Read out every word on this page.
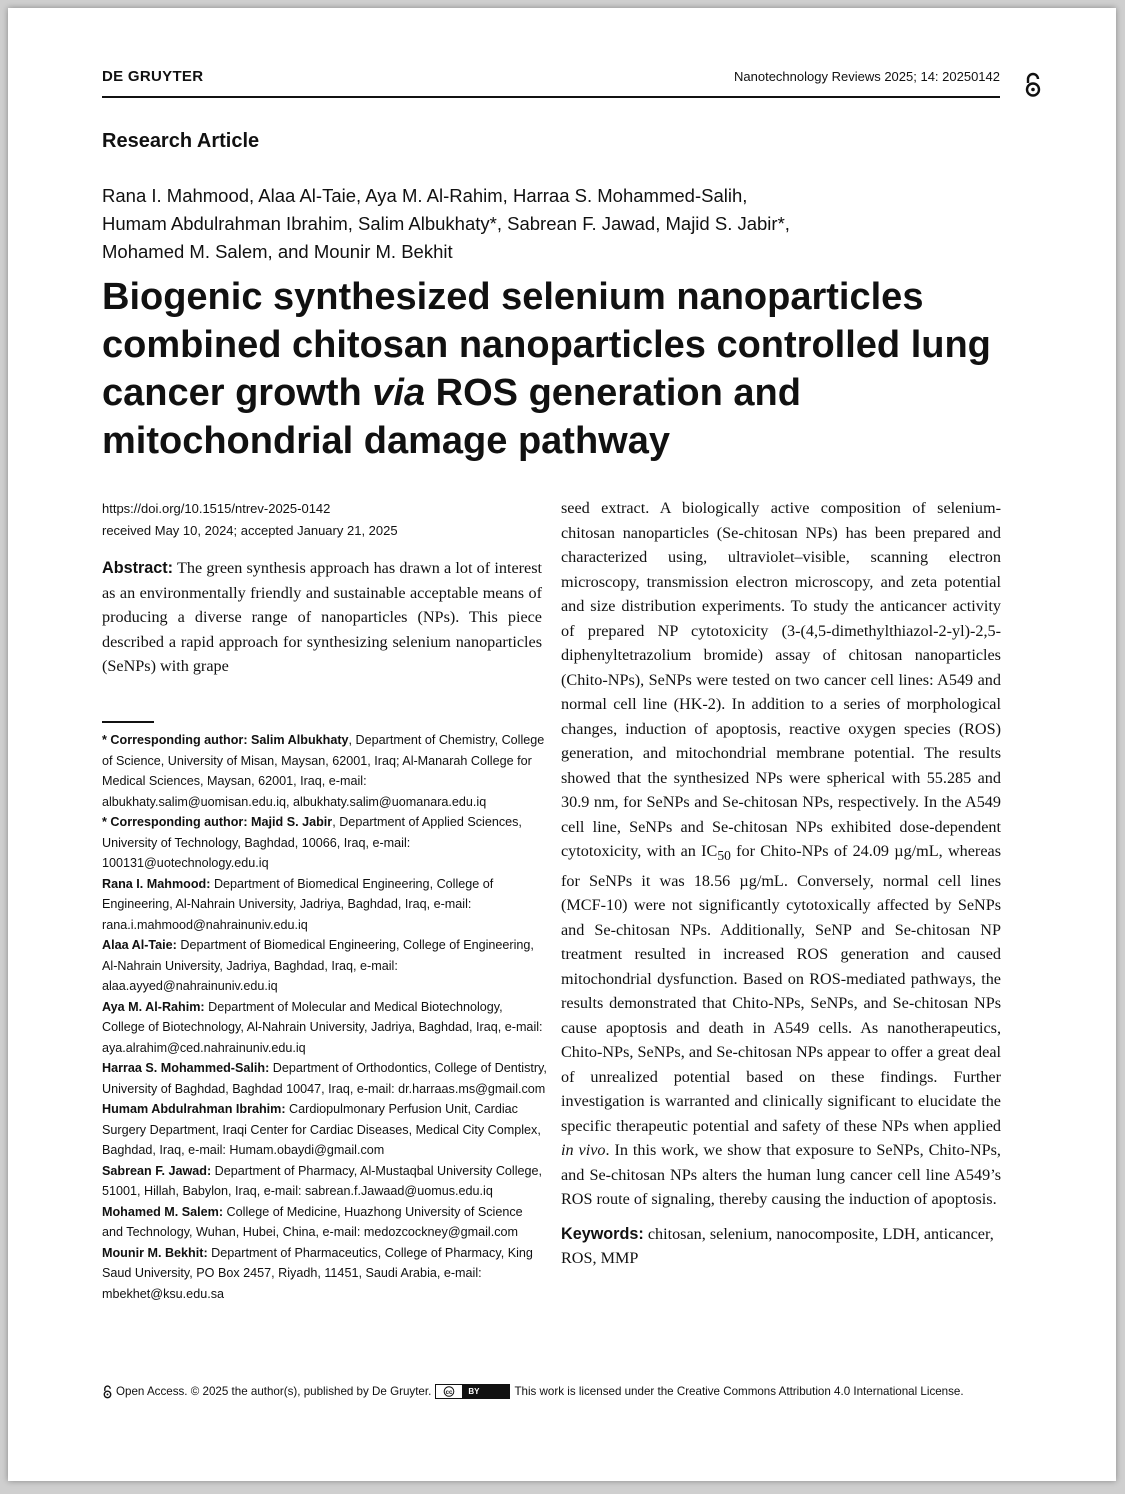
DE GRUYTER	Nanotechnology Reviews 2025; 14: 20250142
Research Article
Rana I. Mahmood, Alaa Al-Taie, Aya M. Al-Rahim, Harraa S. Mohammed-Salih,
Humam Abdulrahman Ibrahim, Salim Albukhaty*, Sabrean F. Jawad, Majid S. Jabir*,
Mohamed M. Salem, and Mounir M. Bekhit
Biogenic synthesized selenium nanoparticles combined chitosan nanoparticles controlled lung cancer growth via ROS generation and mitochondrial damage pathway
https://doi.org/10.1515/ntrev-2025-0142
received May 10, 2024; accepted January 21, 2025
Abstract: The green synthesis approach has drawn a lot of interest as an environmentally friendly and sustainable acceptable means of producing a diverse range of nanoparticles (NPs). This piece described a rapid approach for synthesizing selenium nanoparticles (SeNPs) with grape
* Corresponding author: Salim Albukhaty, Department of Chemistry, College of Science, University of Misan, Maysan, 62001, Iraq; Al-Manarah College for Medical Sciences, Maysan, 62001, Iraq, e-mail: albukhaty.salim@uomisan.edu.iq, albukhaty.salim@uomanara.edu.iq
* Corresponding author: Majid S. Jabir, Department of Applied Sciences, University of Technology, Baghdad, 10066, Iraq, e-mail: 100131@uotechnology.edu.iq
Rana I. Mahmood: Department of Biomedical Engineering, College of Engineering, Al-Nahrain University, Jadriya, Baghdad, Iraq, e-mail: rana.i.mahmood@nahrainuniv.edu.iq
Alaa Al-Taie: Department of Biomedical Engineering, College of Engineering, Al-Nahrain University, Jadriya, Baghdad, Iraq, e-mail: alaa.ayyed@nahrainuniv.edu.iq
Aya M. Al-Rahim: Department of Molecular and Medical Biotechnology, College of Biotechnology, Al-Nahrain University, Jadriya, Baghdad, Iraq, e-mail: aya.alrahim@ced.nahrainuniv.edu.iq
Harraa S. Mohammed-Salih: Department of Orthodontics, College of Dentistry, University of Baghdad, Baghdad 10047, Iraq, e-mail: dr.harraas.ms@gmail.com
Humam Abdulrahman Ibrahim: Cardiopulmonary Perfusion Unit, Cardiac Surgery Department, Iraqi Center for Cardiac Diseases, Medical City Complex, Baghdad, Iraq, e-mail: Humam.obaydi@gmail.com
Sabrean F. Jawad: Department of Pharmacy, Al-Mustaqbal University College, 51001, Hillah, Babylon, Iraq, e-mail: sabrean.f.Jawaad@uomus.edu.iq
Mohamed M. Salem: College of Medicine, Huazhong University of Science and Technology, Wuhan, Hubei, China, e-mail: medozcockney@gmail.com
Mounir M. Bekhit: Department of Pharmaceutics, College of Pharmacy, King Saud University, PO Box 2457, Riyadh, 11451, Saudi Arabia, e-mail: mbekhet@ksu.edu.sa
seed extract. A biologically active composition of selenium-chitosan nanoparticles (Se-chitosan NPs) has been prepared and characterized using, ultraviolet–visible, scanning electron microscopy, transmission electron microscopy, and zeta potential and size distribution experiments. To study the anticancer activity of prepared NP cytotoxicity (3-(4,5-dimethylthiazol-2-yl)-2,5-diphenyltetrazolium bromide) assay of chitosan nanoparticles (Chito-NPs), SeNPs were tested on two cancer cell lines: A549 and normal cell line (HK-2). In addition to a series of morphological changes, induction of apoptosis, reactive oxygen species (ROS) generation, and mitochondrial membrane potential. The results showed that the synthesized NPs were spherical with 55.285 and 30.9 nm, for SeNPs and Se-chitosan NPs, respectively. In the A549 cell line, SeNPs and Se-chitosan NPs exhibited dose-dependent cytotoxicity, with an $IC_{50}$ for Chito-NPs of 24.09 µg/mL, whereas for SeNPs it was 18.56 µg/mL. Conversely, normal cell lines (MCF-10) were not significantly cytotoxically affected by SeNPs and Se-chitosan NPs. Additionally, SeNP and Se-chitosan NP treatment resulted in increased ROS generation and caused mitochondrial dysfunction. Based on ROS-mediated pathways, the results demonstrated that Chito-NPs, SeNPs, and Se-chitosan NPs cause apoptosis and death in A549 cells. As nanotherapeutics, Chito-NPs, SeNPs, and Se-chitosan NPs appear to offer a great deal of unrealized potential based on these findings. Further investigation is warranted and clinically significant to elucidate the specific therapeutic potential and safety of these NPs when applied in vivo. In this work, we show that exposure to SeNPs, Chito-NPs, and Se-chitosan NPs alters the human lung cancer cell line A549’s ROS route of signaling, thereby causing the induction of apoptosis.
Keywords: chitosan, selenium, nanocomposite, LDH, anticancer, ROS, MMP
Open Access. © 2025 the author(s), published by De Gruyter. cc	BY	This work is licensed under the Creative Commons Attribution 4.0 International License.
